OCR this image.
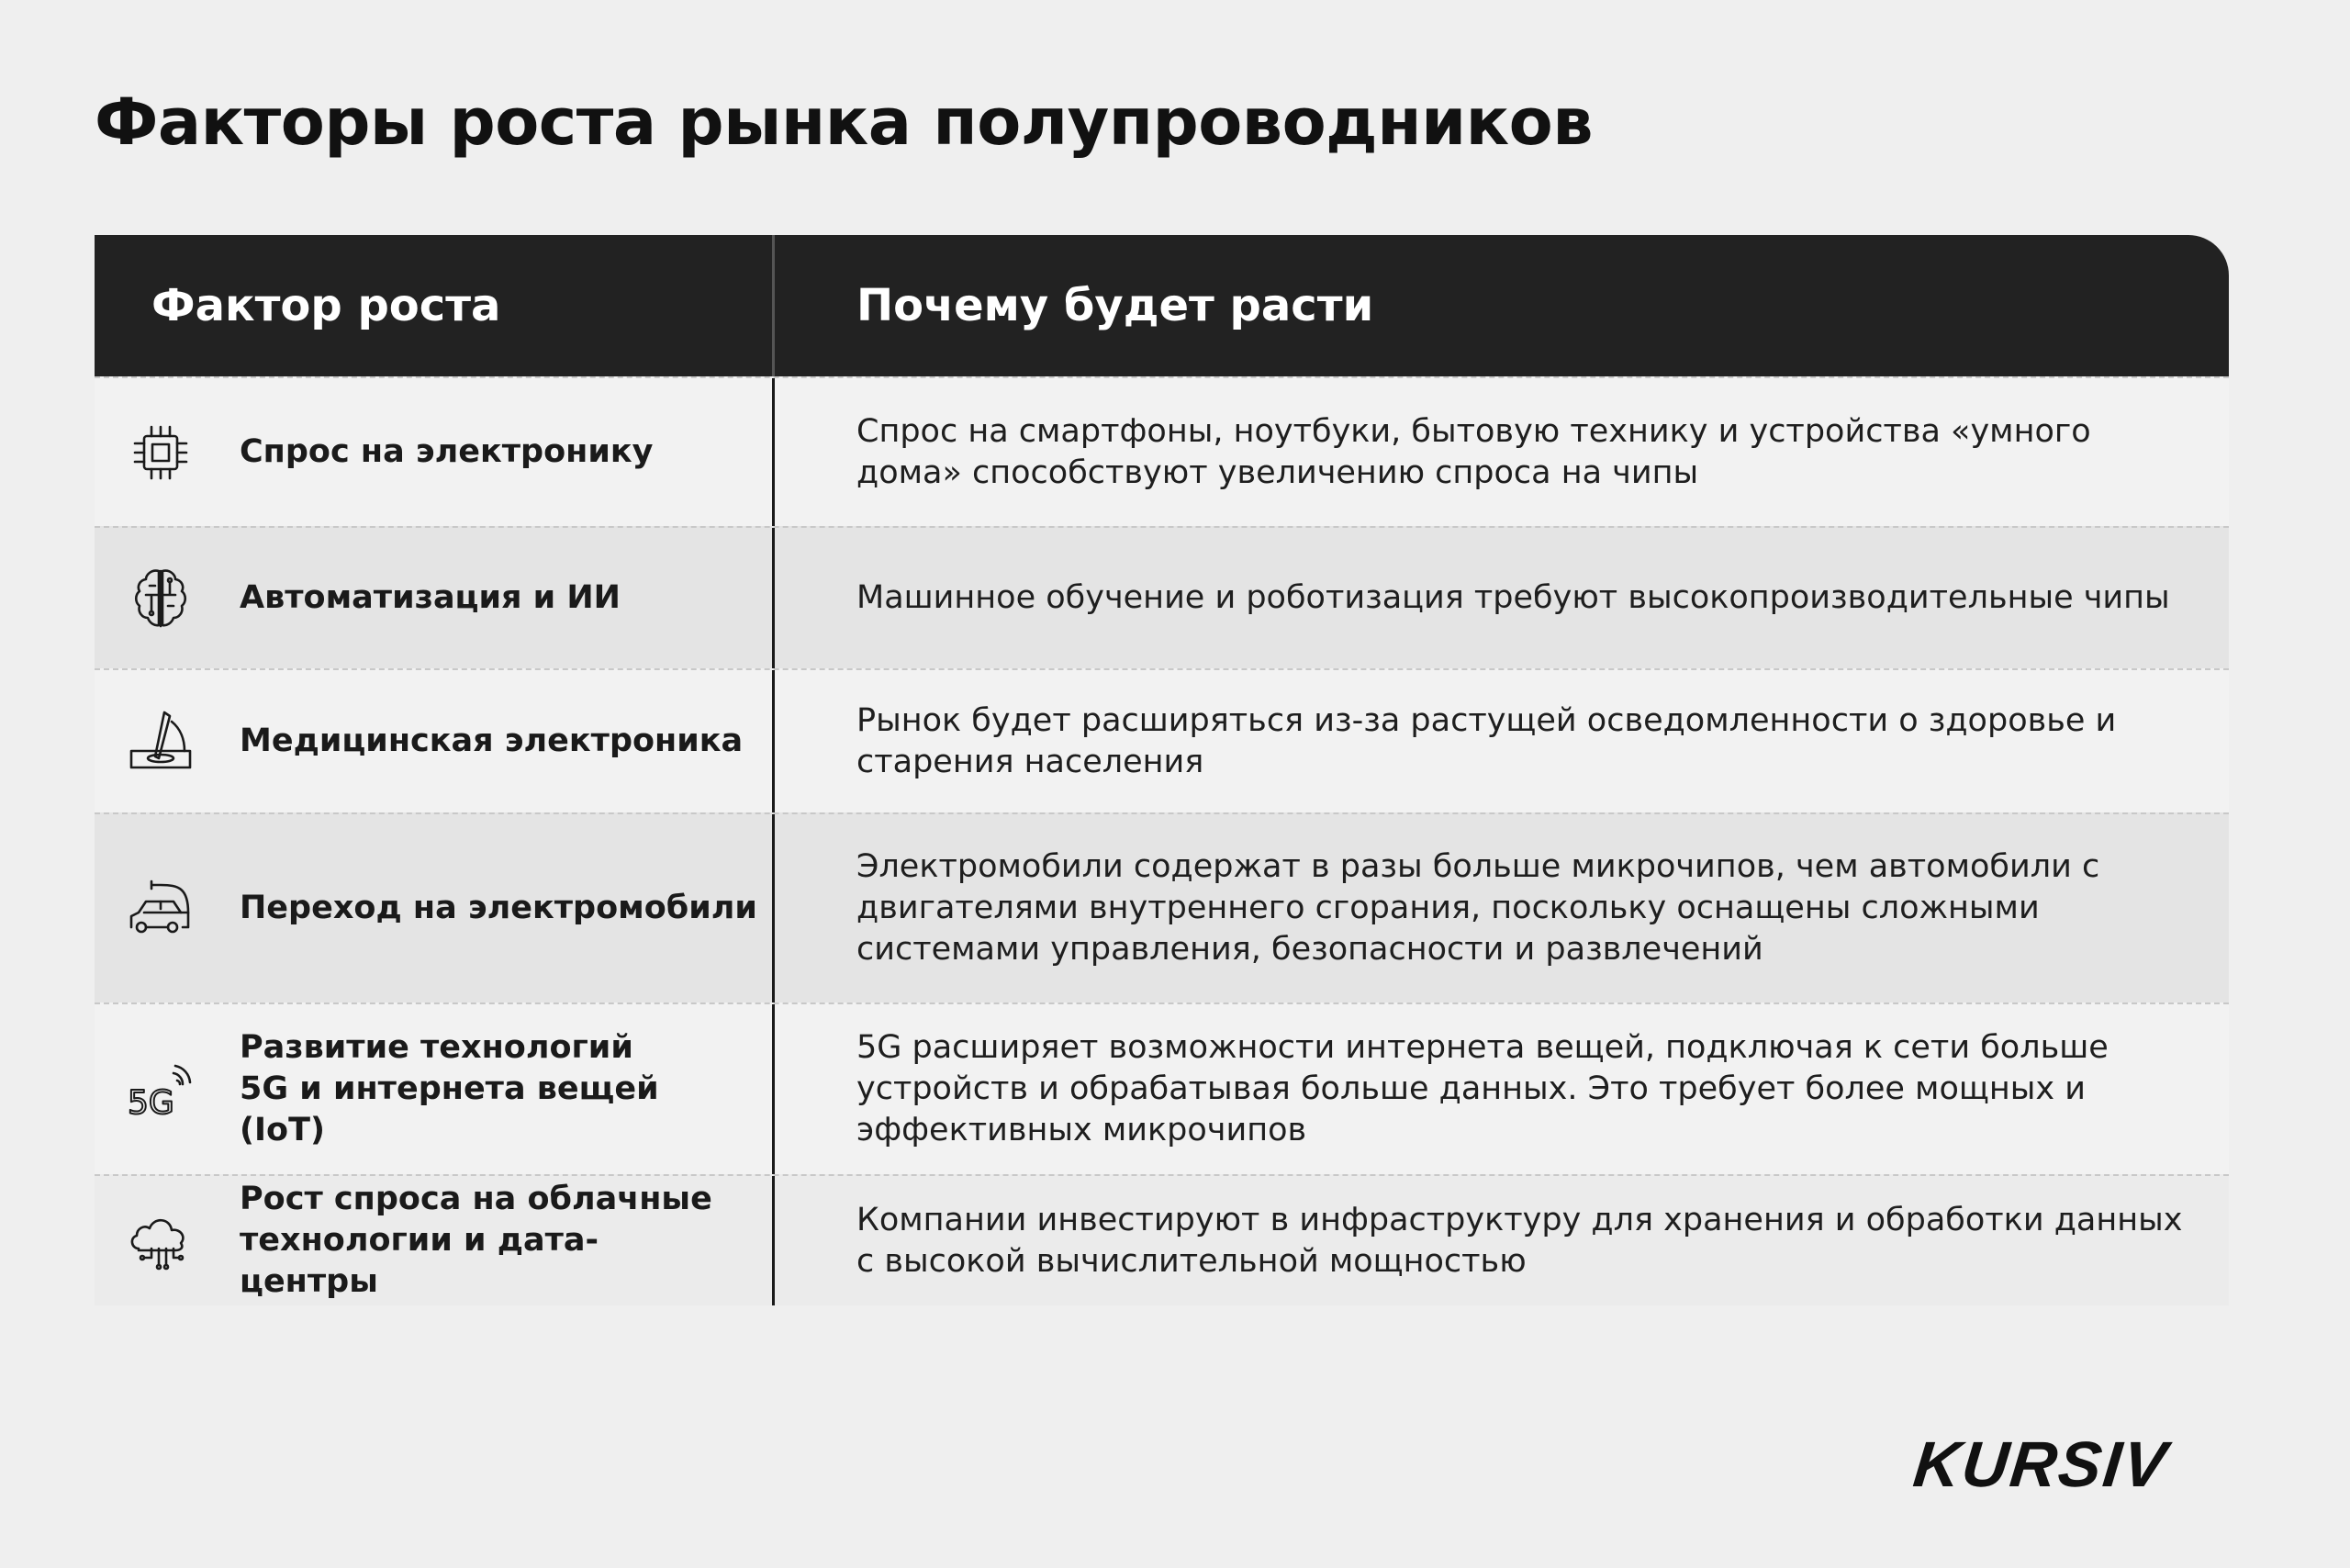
Факторы роста рынка полупроводников
Фактор роста	Почему будет расти
Спрос на электронику
Спрос на смартфоны, ноутбуки, бытовую технику и устройства «умного дома» способствуют увеличению спроса на чипы
Автоматизация и ИИ	Машинное обучение и роботизация требуют высокопроизводительные чипы
Медицинская электроника
Рынок будет расширяться из-за растущей осведомленности о здоровье и старения населения
Переход на электромобили
Электромобили содержат в разы больше микрочипов, чем автомобили с двигателями внутреннего сгорания, поскольку оснащены сложными системами управления, безопасности и развлечений
5G
Развитие технологий 5G и интернета вещей (IoT)
5G расширяет возможности интернета вещей, подключая к сети больше устройств и обрабатывая больше данных. Это требует более мощных и эффективных микрочипов
Рост спроса на облачные технологии и дата-центры
Компании инвестируют в инфраструктуру для хранения и обработки данных с высокой вычислительной мощностью
KURSIV
